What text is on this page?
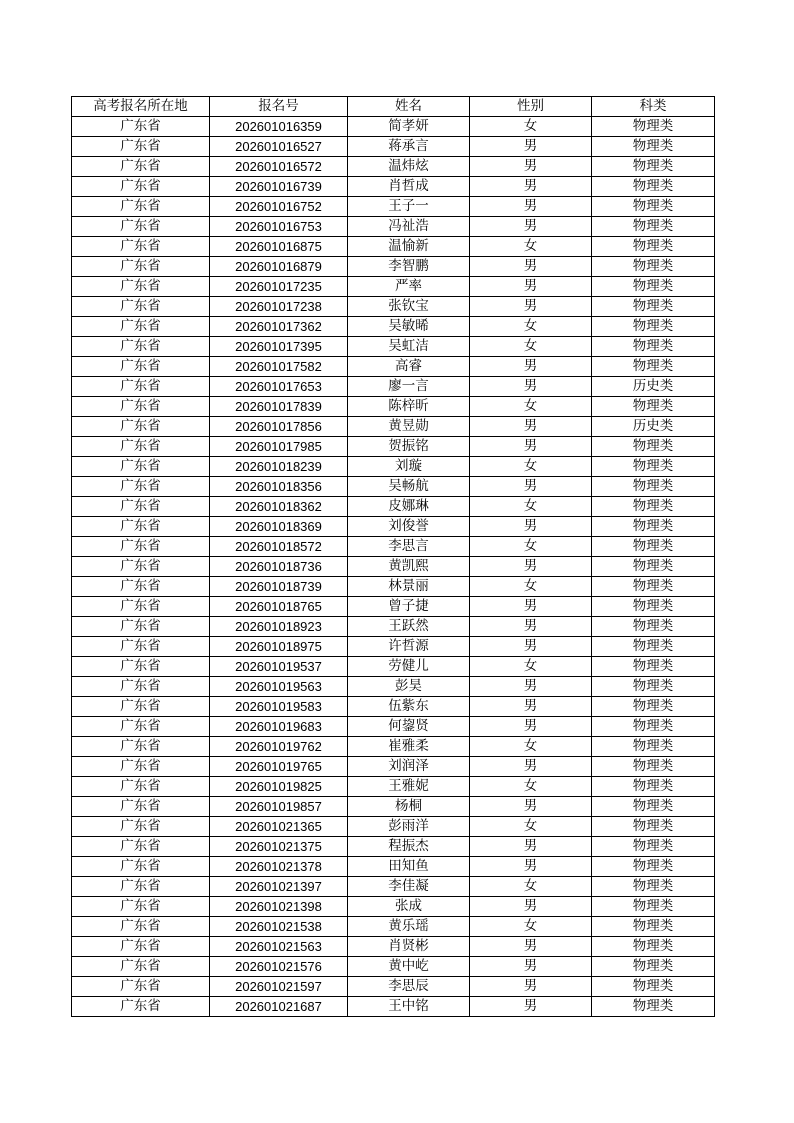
高考报名所在地	报名号	姓名	性别	科类
广东省	202601016359	简孝妍	女	物理类
广东省	202601016527	蒋承言	男	物理类
广东省	202601016572	温炜炫	男	物理类
广东省	202601016739	肖哲成	男	物理类
广东省	202601016752	王子一	男	物理类
广东省	202601016753	冯祉浩	男	物理类
广东省	202601016875	温愉新	女	物理类
广东省	202601016879	李智鹏	男	物理类
广东省	202601017235	严率	男	物理类
广东省	202601017238	张钦宝	男	物理类
广东省	202601017362	吴敏晞	女	物理类
广东省	202601017395	吴虹洁	女	物理类
广东省	202601017582	高睿	男	物理类
广东省	202601017653	廖一言	男	历史类
广东省	202601017839	陈梓昕	女	物理类
广东省	202601017856	黄昱勋	男	历史类
广东省	202601017985	贺振铭	男	物理类
广东省	202601018239	刘璇	女	物理类
广东省	202601018356	吴畅航	男	物理类
广东省	202601018362	皮娜琳	女	物理类
广东省	202601018369	刘俊誉	男	物理类
广东省	202601018572	李思言	女	物理类
广东省	202601018736	黄凯熙	男	物理类
广东省	202601018739	林景丽	女	物理类
广东省	202601018765	曾子捷	男	物理类
广东省	202601018923	王跃然	男	物理类
广东省	202601018975	许哲源	男	物理类
广东省	202601019537	劳健儿	女	物理类
广东省	202601019563	彭昊	男	物理类
广东省	202601019583	伍紫东	男	物理类
广东省	202601019683	何鋆贤	男	物理类
广东省	202601019762	崔雅柔	女	物理类
广东省	202601019765	刘润泽	男	物理类
广东省	202601019825	王雅妮	女	物理类
广东省	202601019857	杨桐	男	物理类
广东省	202601021365	彭雨洋	女	物理类
广东省	202601021375	程振杰	男	物理类
广东省	202601021378	田知鱼	男	物理类
广东省	202601021397	李佳凝	女	物理类
广东省	202601021398	张成	男	物理类
广东省	202601021538	黄乐瑶	女	物理类
广东省	202601021563	肖贤彬	男	物理类
广东省	202601021576	黄中屹	男	物理类
广东省	202601021597	李思辰	男	物理类
广东省	202601021687	王中铭	男	物理类
